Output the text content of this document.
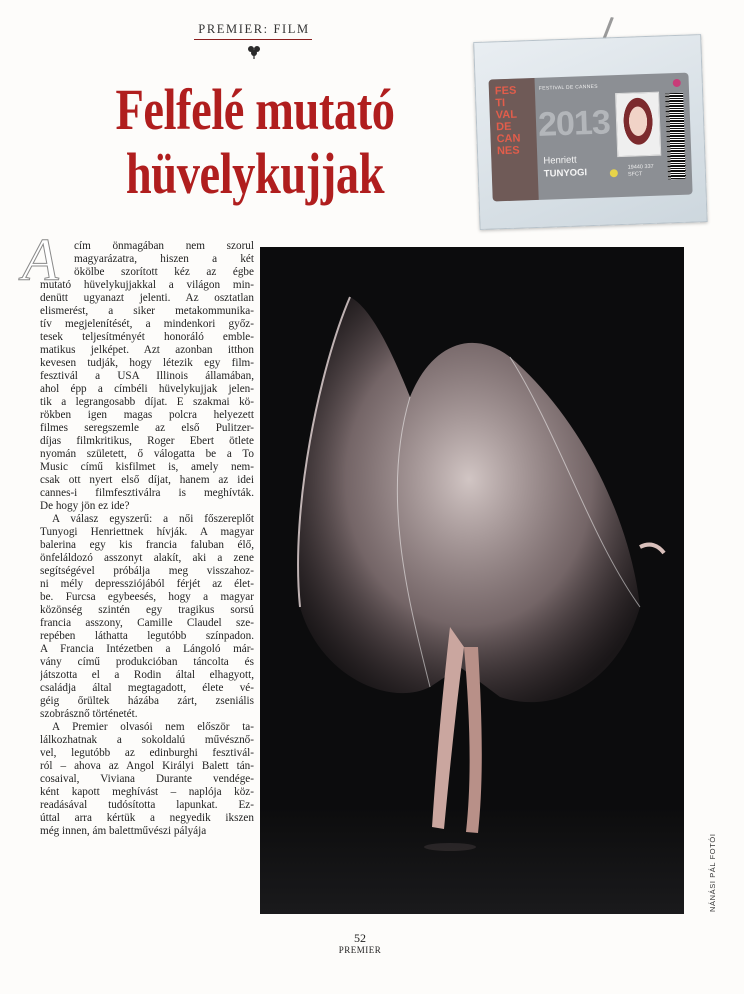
PREMIER: FILM
Felfelé mutató
hüvelykujjak
FES
TI
VAL
DE
CAN
NES
FESTIVAL DE CANNES
2013
Henriett
TUNYOGI	19440 337
SFCT
A	cím önmagában nem szorul

magyarázatra, hiszen a két

ökölbe szorított kéz az égbe

mutató hüvelykujjakkal a világon min-

denütt ugyanazt jelenti. Az osztatlan

elismerést, a siker metakommunika-

tív megjelenítését, a mindenkori győz-

tesek teljesítményét honoráló emble-

matikus jelképet. Azt azonban itthon

kevesen tudják, hogy létezik egy film-

fesztivál a USA Illinois államában,

ahol épp a címbéli hüvelykujjak jelen-

tik a legrangosabb díjat. E szakmai kö-

rökben igen magas polcra helyezett

filmes seregszemle az első Pulitzer-

díjas filmkritikus, Roger Ebert ötlete

nyomán született, ő válogatta be a To

Music című kisfilmet is, amely nem-

csak ott nyert első díjat, hanem az idei

cannes-i filmfesztiválra is meghívták.

De hogy jön ez ide?

A válasz egyszerű: a női főszereplőt

Tunyogi Henriettnek hívják. A magyar

balerina egy kis francia faluban élő,

önfeláldozó asszonyt alakít, aki a zene

segítségével próbálja meg visszahoz-

ni mély depressziójából férjét az élet-

be. Furcsa egybeesés, hogy a magyar

közönség szintén egy tragikus sorsú

francia asszony, Camille Claudel sze-

repében láthatta legutóbb színpadon.

A Francia Intézetben a Lángoló már-

vány című produkcióban táncolta és

játszotta el a Rodin által elhagyott,

családja által megtagadott, élete vé-

géig őrültek házába zárt, zseniális

szobrásznő történetét.

A Premier olvasói nem először ta-

lálkozhatnak a sokoldalú művésznő-

vel, legutóbb az edinburghi fesztivál-

ról – ahova az Angol Királyi Balett tán-

cosaival, Viviana Durante vendége-

ként kapott meghívást – naplója köz-

readásával tudósította lapunkat. Ez-

úttal arra kértük a negyedik ikszen

még innen, ám balettművészi pályája

NÁNÁSI PÁL FOTÓI
52
PREMIER
